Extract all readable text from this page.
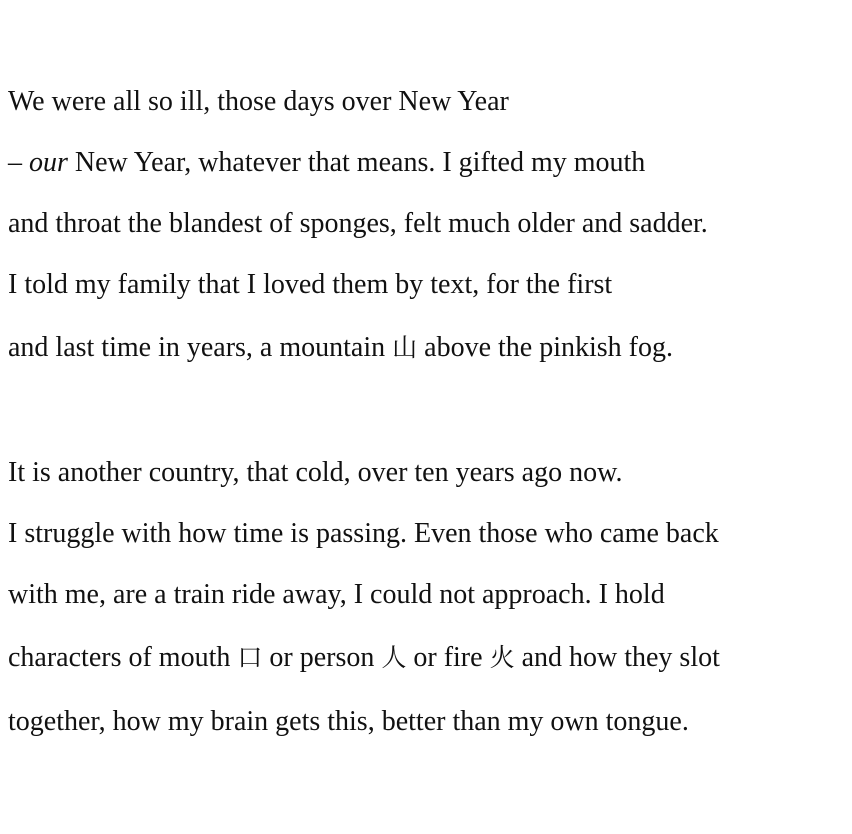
We were all so ill, those days over New Year
– our New Year, whatever that means. I gifted my mouth
and throat the blandest of sponges, felt much older and sadder.
I told my family that I loved them by text, for the first
and last time in years, a mountain 山 above the pinkish fog.
It is another country, that cold, over ten years ago now.
I struggle with how time is passing. Even those who came back
with me, are a train ride away, I could not approach. I hold
characters of mouth 口 or person 人 or fire 火 and how they slot
together, how my brain gets this, better than my own tongue.
